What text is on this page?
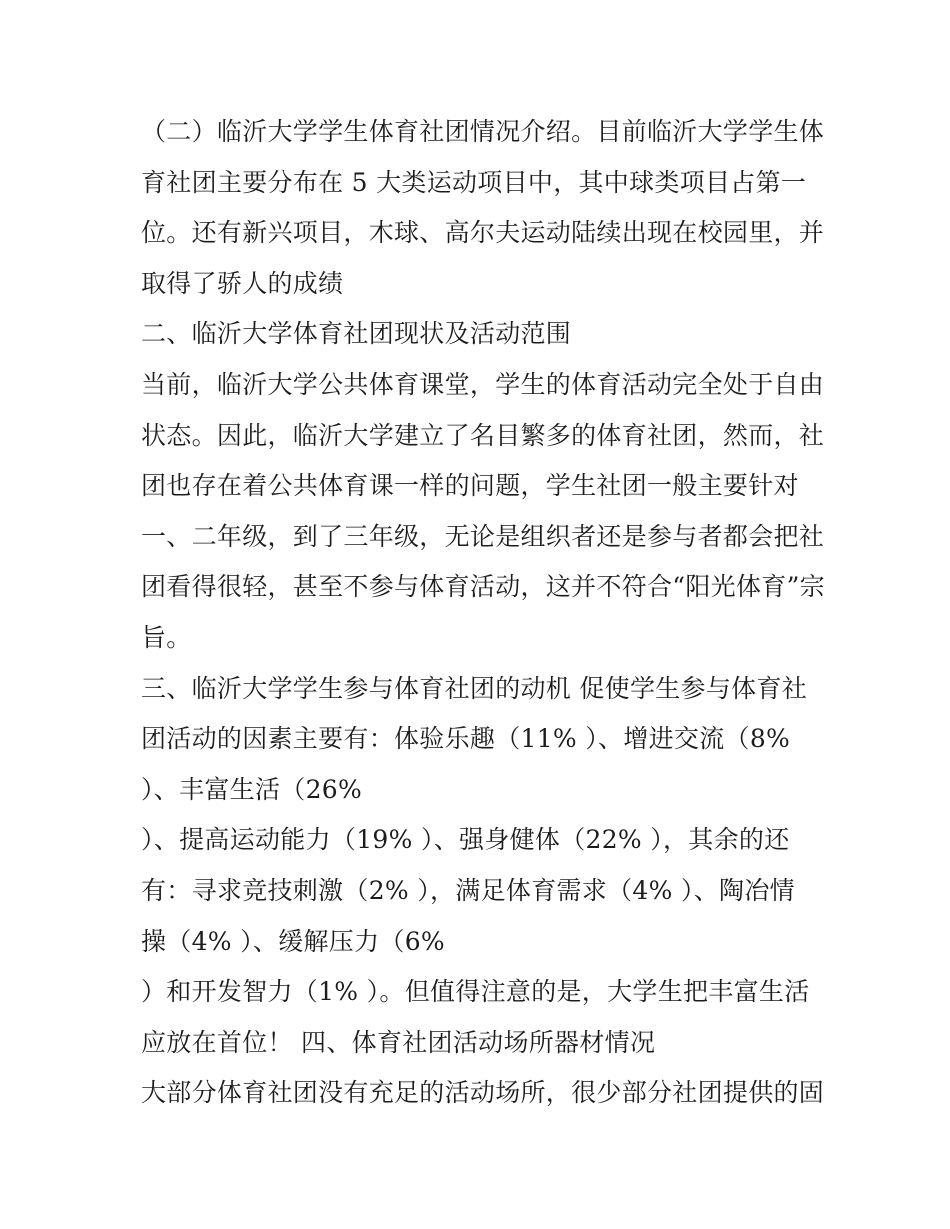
（二）临沂大学学生体育社团情况介绍。目前临沂大学学生体
育社团主要分布在 5 大类运动项目中，其中球类项目占第一
位。还有新兴项目，木球、高尔夫运动陆续出现在校园里，并
取得了骄人的成绩
二、临沂大学体育社团现状及活动范围
当前，临沂大学公共体育课堂，学生的体育活动完全处于自由
状态。因此，临沂大学建立了名目繁多的体育社团，然而，社
团也存在着公共体育课一样的问题，学生社团一般主要针对
一、二年级，到了三年级，无论是组织者还是参与者都会把社
团看得很轻，甚至不参与体育活动，这并不符合“阳光体育”宗
旨。
三、临沂大学学生参与体育社团的动机 促使学生参与体育社
团活动的因素主要有：体验乐趣（11% ）、增进交流（8%
）、丰富生活（26%
）、提高运动能力（19% ）、强身健体（22% ），其余的还
有：寻求竞技刺激（2% ），满足体育需求（4% ）、陶冶情
操（4% ）、缓解压力（6%
）和开发智力（1% ）。但值得注意的是，大学生把丰富生活
应放在首位！ 四、体育社团活动场所器材情况
大部分体育社团没有充足的活动场所，很少部分社团提供的固
